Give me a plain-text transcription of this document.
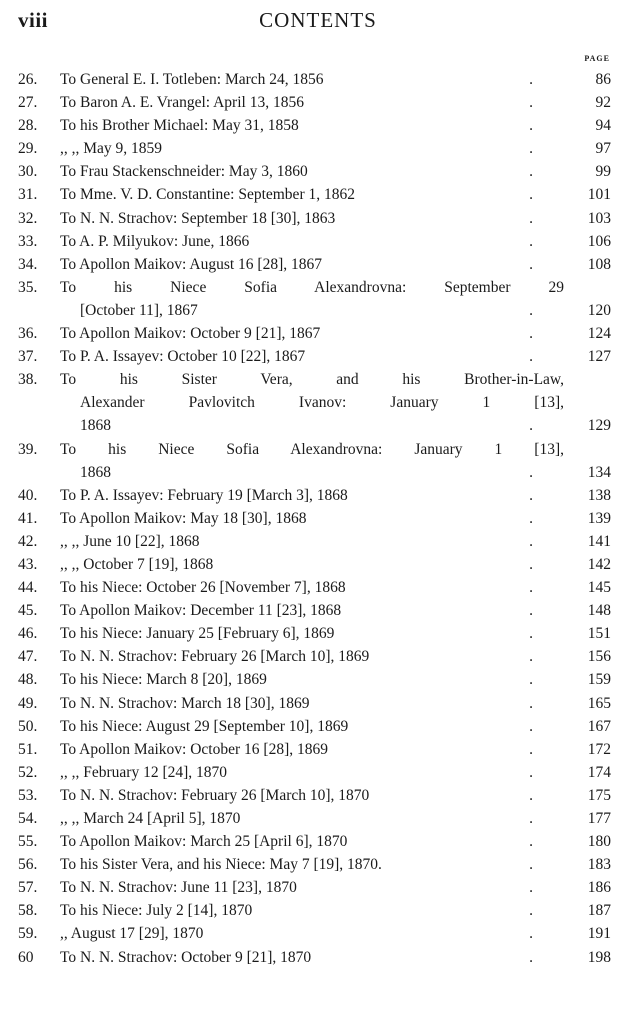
viii	CONTENTS
PAGE
26.	To General E. I. Totleben: March 24, 1856	.	86
27.	To Baron A. E. Vrangel: April 13, 1856	.	92
28.	To his Brother Michael: May 31, 1858	.	94
29.	,, ,, May 9, 1859	.	97
30.	To Frau Stackenschneider: May 3, 1860	.	99
31.	To Mme. V. D. Constantine: September 1, 1862	.	101
32.	To N. N. Strachov: September 18 [30], 1863	.	103
33.	To A. P. Milyukov: June, 1866	.	106
34.	To Apollon Maikov: August 16 [28], 1867	.	108
35.	To his Niece Sofia Alexandrovna: September 29
[October 11], 1867	.	120
36.	To Apollon Maikov: October 9 [21], 1867	.	124
37.	To P. A. Issayev: October 10 [22], 1867	.	127
38.	To his Sister Vera, and his Brother-in-Law,
Alexander Pavlovitch Ivanov: January 1 [13],
1868	.	129
39.	To his Niece Sofia Alexandrovna: January 1 [13],
1868	.	134
40.	To P. A. Issayev: February 19 [March 3], 1868	.	138
41.	To Apollon Maikov: May 18 [30], 1868	.	139
42.	,, ,, June 10 [22], 1868	.	141
43.	,, ,, October 7 [19], 1868	.	142
44.	To his Niece: October 26 [November 7], 1868	.	145
45.	To Apollon Maikov: December 11 [23], 1868	.	148
46.	To his Niece: January 25 [February 6], 1869	.	151
47.	To N. N. Strachov: February 26 [March 10], 1869	.	156
48.	To his Niece: March 8 [20], 1869	.	159
49.	To N. N. Strachov: March 18 [30], 1869	.	165
50.	To his Niece: August 29 [September 10], 1869	.	167
51.	To Apollon Maikov: October 16 [28], 1869	.	172
52.	,, ,, February 12 [24], 1870	.	174
53.	To N. N. Strachov: February 26 [March 10], 1870	.	175
54.	,, ,, March 24 [April 5], 1870	.	177
55.	To Apollon Maikov: March 25 [April 6], 1870	.	180
56.	To his Sister Vera, and his Niece: May 7 [19], 1870.	.	183
57.	To N. N. Strachov: June 11 [23], 1870	.	186
58.	To his Niece: July 2 [14], 1870	.	187
59.	,, August 17 [29], 1870	.	191
60	To N. N. Strachov: October 9 [21], 1870	.	198
